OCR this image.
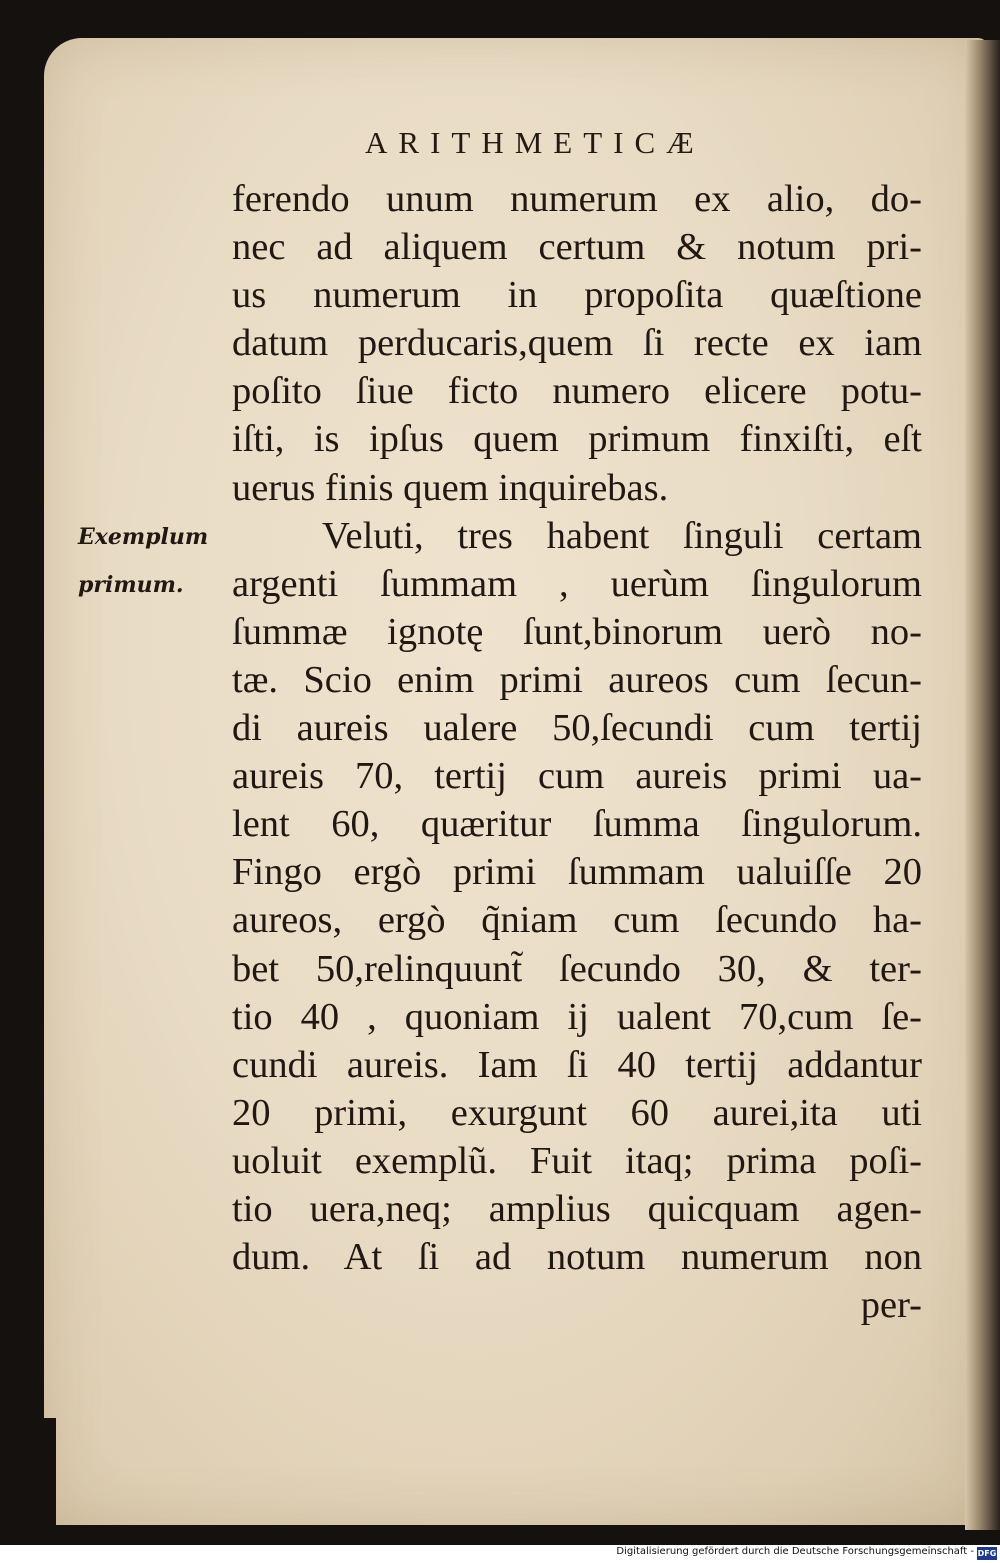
ARITHMETICÆ
Exemplum
primum.
ferendo unum numerum ex alio, do-
nec ad aliquem certum & notum pri-
us numerum in propoſita quæſtione
datum perducaris,quem ſi recte ex iam
poſito ſiue ficto numero elicere potu-
iſti, is ipſus quem primum finxiſti, eſt
uerus finis quem inquirebas.
Veluti, tres habent ſinguli certam
argenti ſummam , uerùm ſingulorum
ſummæ ignotę ſunt,binorum uerò no-
tæ. Scio enim primi aureos cum ſecun-
di aureis ualere 50,ſecundi cum tertij
aureis 70, tertij cum aureis primi ua-
lent 60, quæritur ſumma ſingulorum.
Fingo ergò primi ſummam ualuiſſe 20
aureos, ergò q̃niam cum ſecundo ha-
bet 50,relinquunt̃ ſecundo 30, & ter-
tio 40 , quoniam ij ualent 70,cum ſe-
cundi aureis. Iam ſi 40 tertij addantur
20 primi, exurgunt 60 aurei,ita uti
uoluit exemplũ. Fuit itaq; prima poſi-
tio uera,neq; amplius quicquam agen-
dum. At ſi ad notum numerum non
per-
Digitalisierung gefördert durch die Deutsche Forschungsgemeinschaft - DFG
